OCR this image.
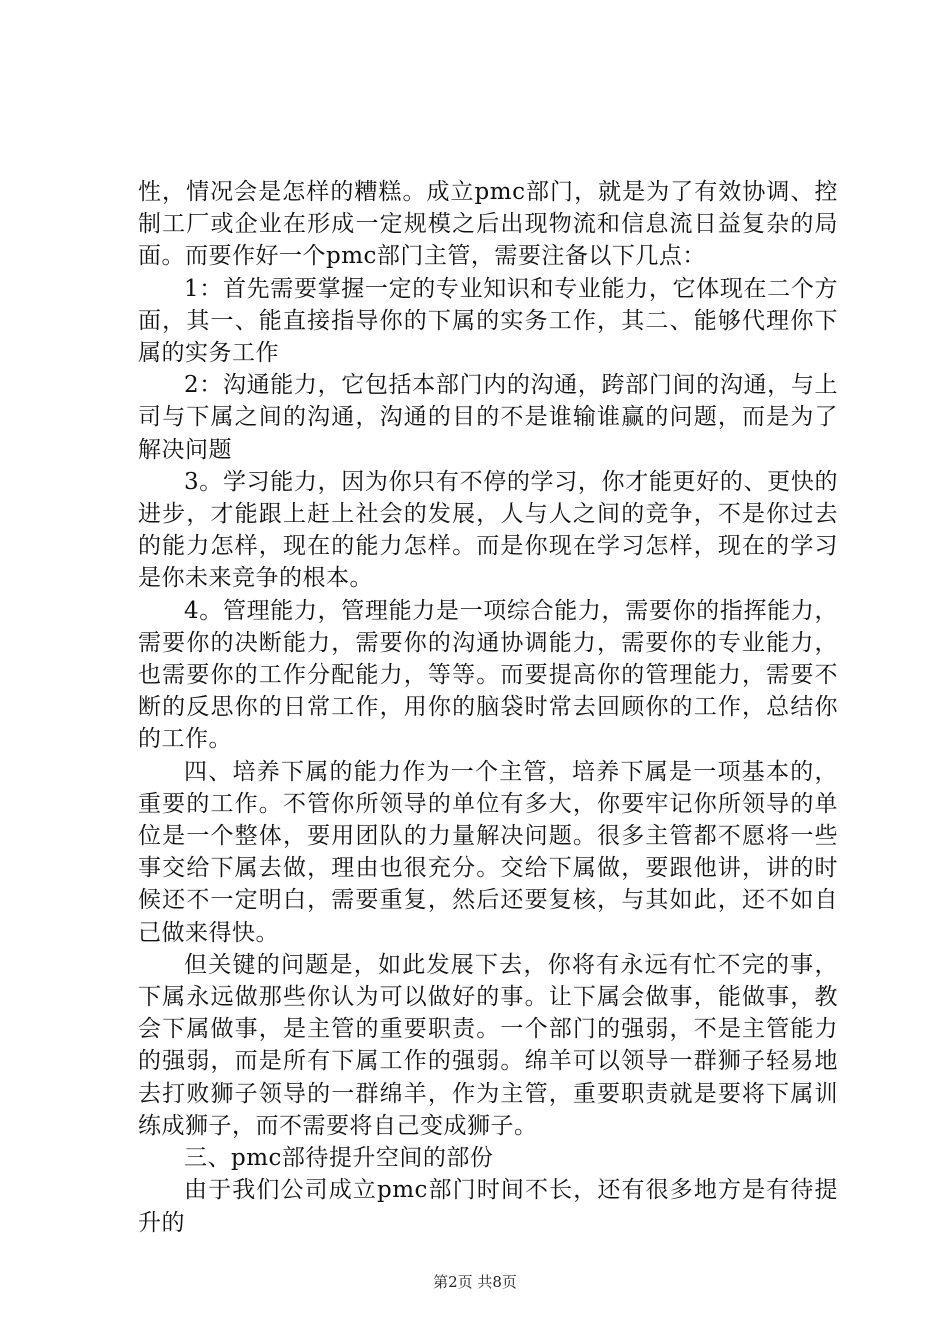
性，情况会是怎样的糟糕。成立pmc部门，就是为了有效协调、控制工厂或企业在形成一定规模之后出现物流和信息流日益复杂的局面。而要作好一个pmc部门主管，需要注备以下几点：

1：首先需要掌握一定的专业知识和专业能力，它体现在二个方面，其一、能直接指导你的下属的实务工作，其二、能够代理你下属的实务工作

2：沟通能力，它包括本部门内的沟通，跨部门间的沟通，与上司与下属之间的沟通，沟通的目的不是谁输谁赢的问题，而是为了解决问题

3。学习能力，因为你只有不停的学习，你才能更好的、更快的进步，才能跟上赶上社会的发展，人与人之间的竞争，不是你过去的能力怎样，现在的能力怎样。而是你现在学习怎样，现在的学习是你未来竞争的根本。

4。管理能力，管理能力是一项综合能力，需要你的指挥能力，需要你的决断能力，需要你的沟通协调能力，需要你的专业能力，也需要你的工作分配能力，等等。而要提高你的管理能力，需要不断的反思你的日常工作，用你的脑袋时常去回顾你的工作，总结你的工作。

四、培养下属的能力作为一个主管，培养下属是一项基本的，重要的工作。不管你所领导的单位有多大，你要牢记你所领导的单位是一个整体，要用团队的力量解决问题。很多主管都不愿将一些事交给下属去做，理由也很充分。交给下属做，要跟他讲，讲的时候还不一定明白，需要重复，然后还要复核，与其如此，还不如自己做来得快。

但关键的问题是，如此发展下去，你将有永远有忙不完的事，下属永远做那些你认为可以做好的事。让下属会做事，能做事，教会下属做事，是主管的重要职责。一个部门的强弱，不是主管能力的强弱，而是所有下属工作的强弱。绵羊可以领导一群狮子轻易地去打败狮子领导的一群绵羊，作为主管，重要职责就是要将下属训练成狮子，而不需要将自己变成狮子。

三、pmc部待提升空间的部份

由于我们公司成立pmc部门时间不长，还有很多地方是有待提升的

第2页 共8页
